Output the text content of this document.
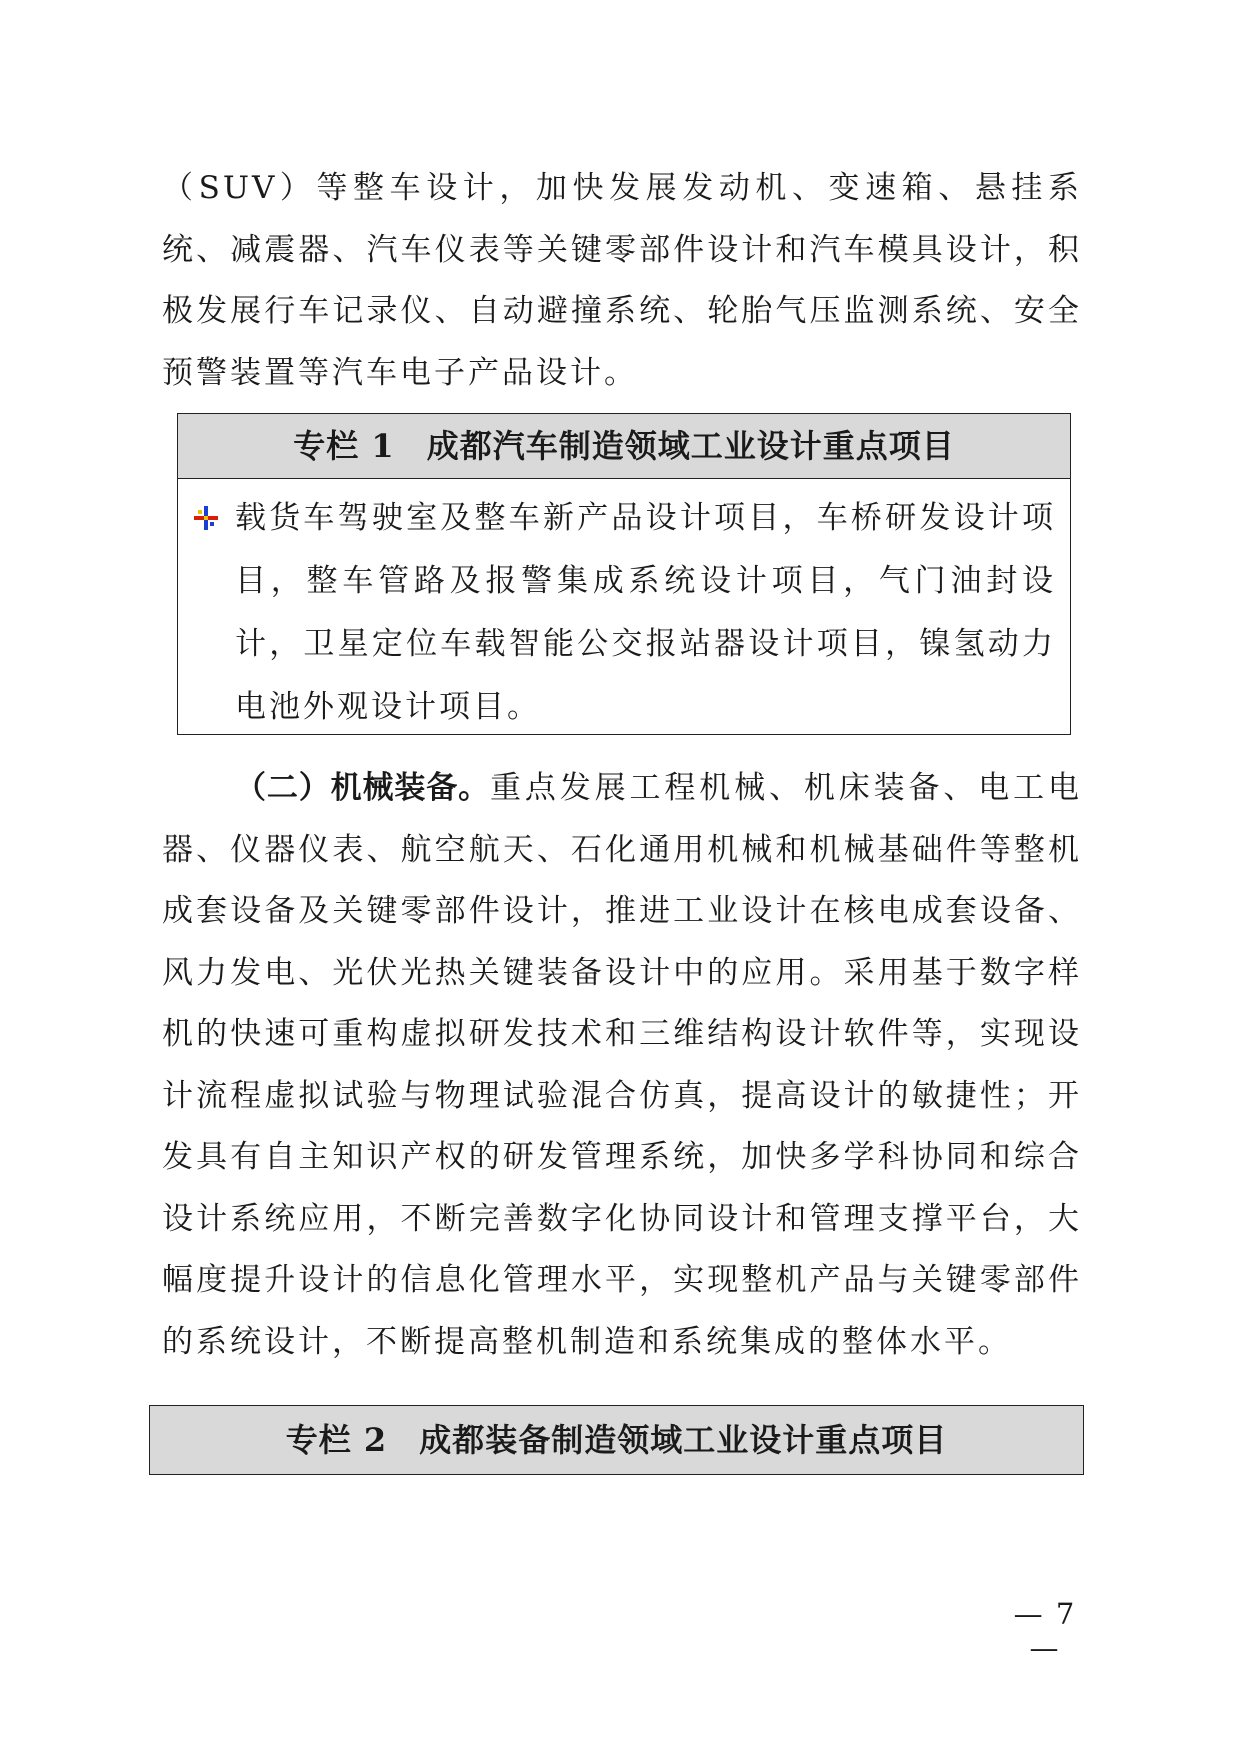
（SUV）等整车设计，加快发展发动机、变速箱、悬挂系统、减震器、汽车仪表等关键零部件设计和汽车模具设计，积极发展行车记录仪、自动避撞系统、轮胎气压监测系统、安全预警装置等汽车电子产品设计。

专栏 1 成都汽车制造领域工业设计重点项目
载货车驾驶室及整车新产品设计项目，车桥研发设计项目，整车管路及报警集成系统设计项目，气门油封设计，卫星定位车载智能公交报站器设计项目，镍氢动力电池外观设计项目。

（二）机械装备。重点发展工程机械、机床装备、电工电器、仪器仪表、航空航天、石化通用机械和机械基础件等整机成套设备及关键零部件设计，推进工业设计在核电成套设备、风力发电、光伏光热关键装备设计中的应用。采用基于数字样机的快速可重构虚拟研发技术和三维结构设计软件等，实现设计流程虚拟试验与物理试验混合仿真，提高设计的敏捷性；开发具有自主知识产权的研发管理系统，加快多学科协同和综合设计系统应用，不断完善数字化协同设计和管理支撑平台，大幅度提升设计的信息化管理水平，实现整机产品与关键零部件的系统设计，不断提高整机制造和系统集成的整体水平。

专栏 2 成都装备制造领域工业设计重点项目
— 7 —
